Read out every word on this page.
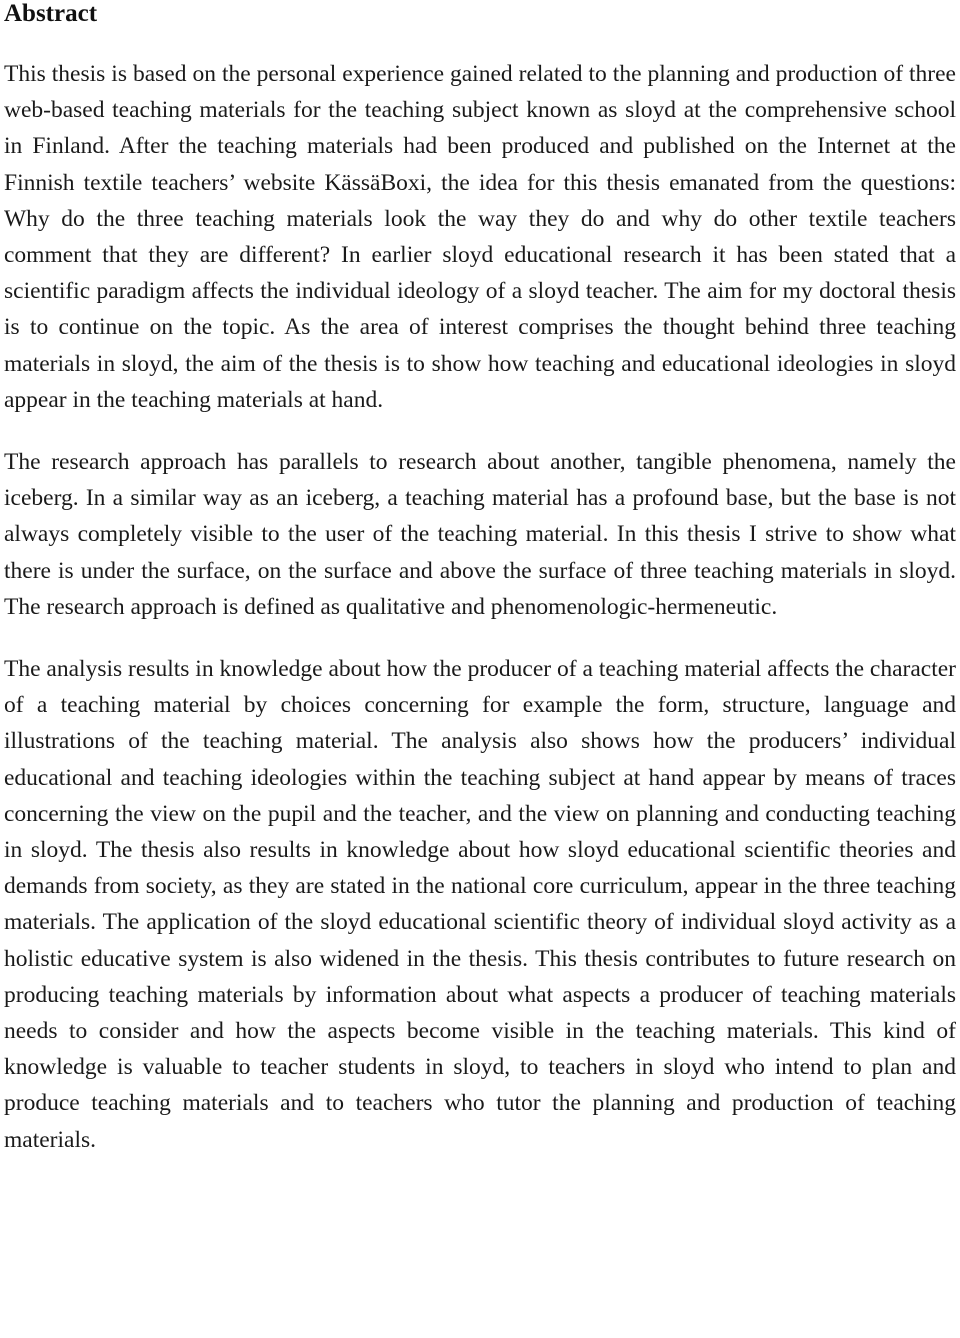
Abstract

This thesis is based on the personal experience gained related to the planning and production of three web-based teaching materials for the teaching subject known as sloyd at the comprehensive school in Finland. After the teaching materials had been produced and published on the Internet at the Finnish textile teachers’ website KässäBoxi, the idea for this thesis emanated from the questions: Why do the three teaching materials look the way they do and why do other textile teachers comment that they are different? In earlier sloyd educational research it has been stated that a scientific paradigm affects the individual ideology of a sloyd teacher. The aim for my doctoral thesis is to continue on the topic. As the area of interest comprises the thought behind three teaching materials in sloyd, the aim of the thesis is to show how teaching and educational ideologies in sloyd appear in the teaching materials at hand.

The research approach has parallels to research about another, tangible phenomena, namely the iceberg. In a similar way as an iceberg, a teaching material has a profound base, but the base is not always completely visible to the user of the teaching material. In this thesis I strive to show what there is under the surface, on the surface and above the surface of three teaching materials in sloyd. The research approach is defined as qualitative and phenomenologic-hermeneutic.

The analysis results in knowledge about how the producer of a teaching material affects the character of a teaching material by choices concerning for example the form, structure, language and illustrations of the teaching material. The analysis also shows how the producers’ individual educational and teaching ideologies within the teaching subject at hand appear by means of traces concerning the view on the pupil and the teacher, and the view on planning and conducting teaching in sloyd. The thesis also results in knowledge about how sloyd educational scientific theories and demands from society, as they are stated in the national core curriculum, appear in the three teaching materials. The application of the sloyd educational scientific theory of individual sloyd activity as a holistic educative system is also widened in the thesis. This thesis contributes to future research on producing teaching materials by information about what aspects a producer of teaching materials needs to consider and how the aspects become visible in the teaching materials. This kind of knowledge is valuable to teacher students in sloyd, to teachers in sloyd who intend to plan and produce teaching materials and to teachers who tutor the planning and production of teaching materials.
